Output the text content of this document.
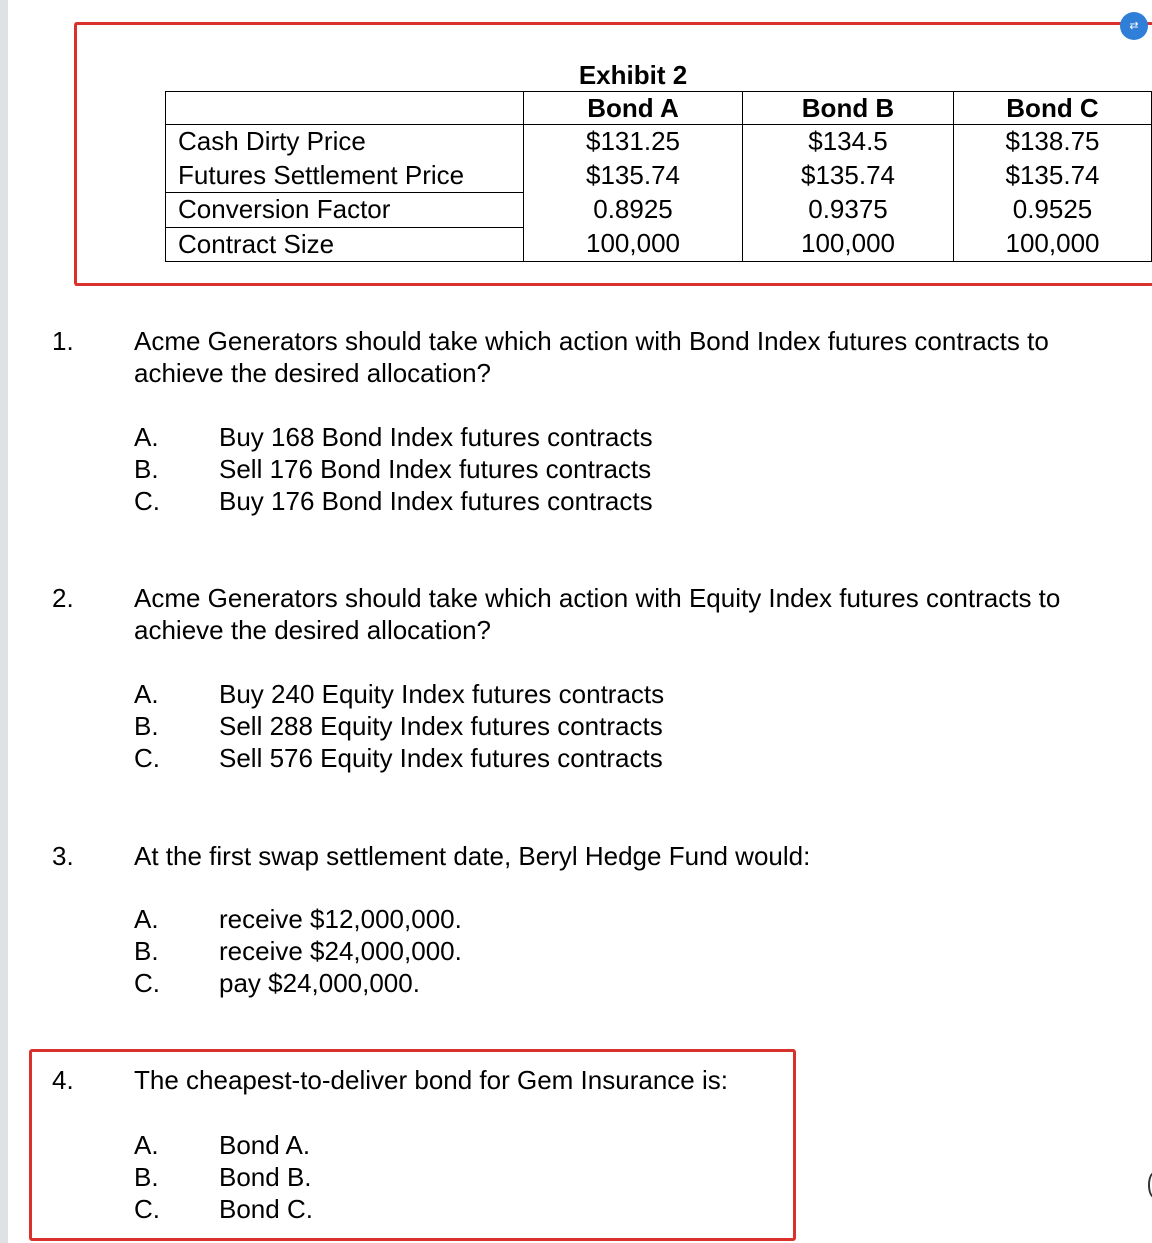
Exhibit 2
	Bond A	Bond B	Bond C
Cash Dirty Price	$131.25	$134.5	$138.75
Futures Settlement Price	$135.74	$135.74	$135.74
Conversion Factor	0.8925	0.9375	0.9525
Contract Size	100,000	100,000	100,000
1. Acme Generators should take which action with Bond Index futures contracts to achieve the desired allocation?
A. Buy 168 Bond Index futures contracts
B. Sell 176 Bond Index futures contracts
C. Buy 176 Bond Index futures contracts
2. Acme Generators should take which action with Equity Index futures contracts to achieve the desired allocation?
A. Buy 240 Equity Index futures contracts
B. Sell 288 Equity Index futures contracts
C. Sell 576 Equity Index futures contracts
3. At the first swap settlement date, Beryl Hedge Fund would:
A. receive $12,000,000.
B. receive $24,000,000.
C. pay $24,000,000.
4. The cheapest-to-deliver bond for Gem Insurance is:
A. Bond A.
B. Bond B.
C. Bond C.
⇄
